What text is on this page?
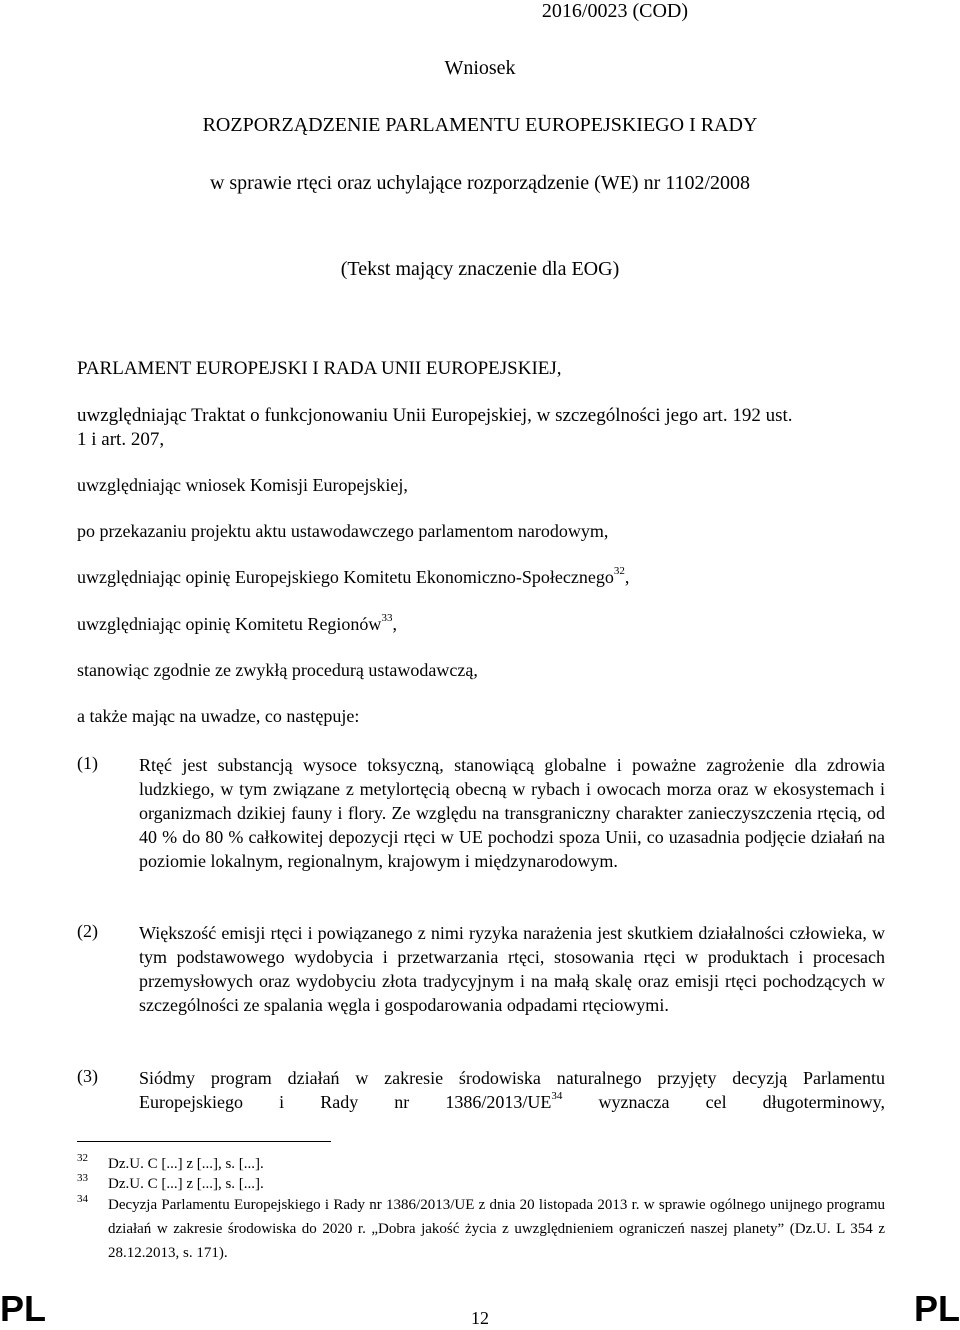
2016/0023 (COD)

Wniosek

ROZPORZĄDZENIE PARLAMENTU EUROPEJSKIEGO I RADY

w sprawie rtęci oraz uchylające rozporządzenie (WE) nr 1102/2008

(Tekst mający znaczenie dla EOG)

PARLAMENT EUROPEJSKI I RADA UNII EUROPEJSKIEJ,

uwzględniając Traktat o funkcjonowaniu Unii Europejskiej, w szczególności jego art. 192 ust.

1 i art. 207,

uwzględniając wniosek Komisji Europejskiej,

po przekazaniu projektu aktu ustawodawczego parlamentom narodowym,

uwzględniając opinię Europejskiego Komitetu Ekonomiczno-Społecznego$^{32}$,

uwzględniając opinię Komitetu Regionów$^{33}$,

stanowiąc zgodnie ze zwykłą procedurą ustawodawczą,

a także mając na uwadze, co następuje:

(1) Rtęć jest substancją wysoce toksyczną, stanowiącą globalne i poważne zagrożenie dla zdrowia ludzkiego, w tym związane z metylortęcią obecną w rybach i owocach morza oraz w ekosystemach i organizmach dzikiej fauny i flory. Ze względu na transgraniczny charakter zanieczyszczenia rtęcią, od 40 % do 80 % całkowitej depozycji rtęci w UE pochodzi spoza Unii, co uzasadnia podjęcie działań na poziomie lokalnym, regionalnym, krajowym i międzynarodowym.

(2) Większość emisji rtęci i powiązanego z nimi ryzyka narażenia jest skutkiem działalności człowieka, w tym podstawowego wydobycia i przetwarzania rtęci, stosowania rtęci w produktach i procesach przemysłowych oraz wydobyciu złota tradycyjnym i na małą skalę oraz emisji rtęci pochodzących w szczególności ze spalania węgla i gospodarowania odpadami rtęciowymi.

(3) Siódmy program działań w zakresie środowiska naturalnego przyjęty decyzją Parlamentu Europejskiego i Rady nr 1386/2013/UE$^{34}$ wyznacza cel długoterminowy,

32 Dz.U. C [...] z [...], s. [...].

33 Dz.U. C [...] z [...], s. [...].

34 Decyzja Parlamentu Europejskiego i Rady nr 1386/2013/UE z dnia 20 listopada 2013 r. w sprawie ogólnego unijnego programu działań w zakresie środowiska do 2020 r. „Dobra jakość życia z uwzględnieniem ograniczeń naszej planety” (Dz.U. L 354 z 28.12.2013, s. 171).

PL	12	PL
